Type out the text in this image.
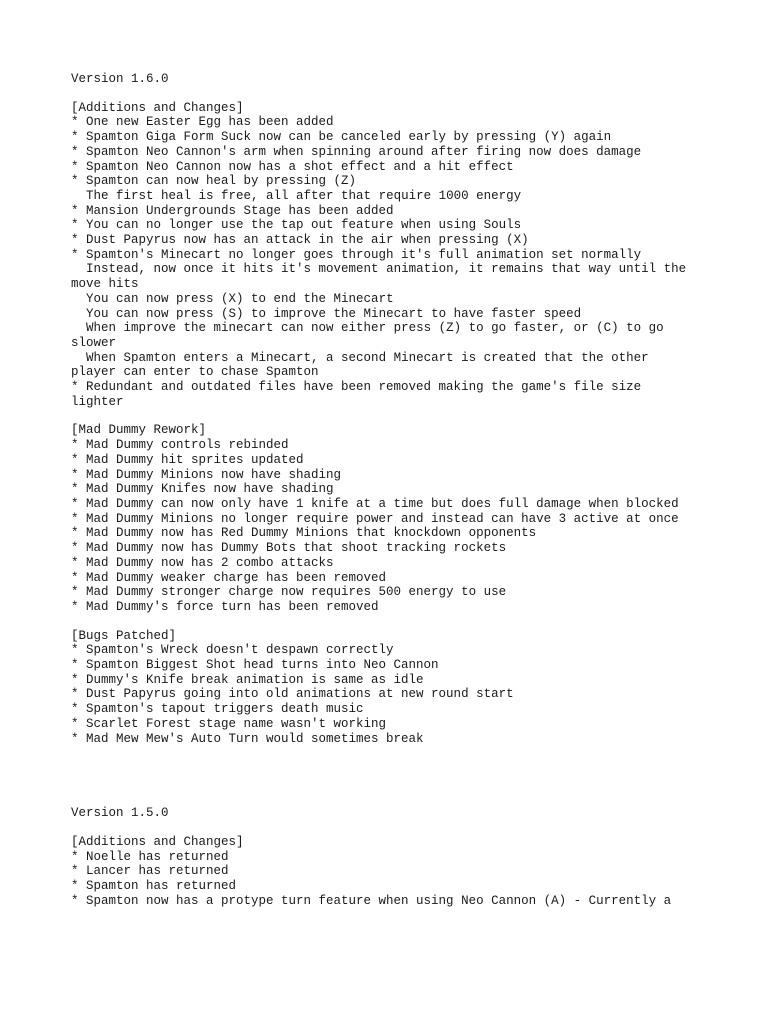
Version 1.6.0
[Additions and Changes]
* One new Easter Egg has been added
* Spamton Giga Form Suck now can be canceled early by pressing (Y) again
* Spamton Neo Cannon's arm when spinning around after firing now does damage
* Spamton Neo Cannon now has a shot effect and a hit effect
* Spamton can now heal by pressing (Z)
The first heal is free, all after that require 1000 energy
* Mansion Undergrounds Stage has been added
* You can no longer use the tap out feature when using Souls
* Dust Papyrus now has an attack in the air when pressing (X)
* Spamton's Minecart no longer goes through it's full animation set normally
Instead, now once it hits it's movement animation, it remains that way until the move hits
You can now press (X) to end the Minecart
You can now press (S) to improve the Minecart to have faster speed
When improve the minecart can now either press (Z) to go faster, or (C) to go slower
When Spamton enters a Minecart, a second Minecart is created that the other player can enter to chase Spamton
* Redundant and outdated files have been removed making the game's file size lighter
[Mad Dummy Rework]
* Mad Dummy controls rebinded
* Mad Dummy hit sprites updated
* Mad Dummy Minions now have shading
* Mad Dummy Knifes now have shading
* Mad Dummy can now only have 1 knife at a time but does full damage when blocked
* Mad Dummy Minions no longer require power and instead can have 3 active at once
* Mad Dummy now has Red Dummy Minions that knockdown opponents
* Mad Dummy now has Dummy Bots that shoot tracking rockets
* Mad Dummy now has 2 combo attacks
* Mad Dummy weaker charge has been removed
* Mad Dummy stronger charge now requires 500 energy to use
* Mad Dummy's force turn has been removed
[Bugs Patched]
* Spamton's Wreck doesn't despawn correctly
* Spamton Biggest Shot head turns into Neo Cannon
* Dummy's Knife break animation is same as idle
* Dust Papyrus going into old animations at new round start
* Spamton's tapout triggers death music
* Scarlet Forest stage name wasn't working
* Mad Mew Mew's Auto Turn would sometimes break
Version 1.5.0
[Additions and Changes]
* Noelle has returned
* Lancer has returned
* Spamton has returned
* Spamton now has a protype turn feature when using Neo Cannon (A) - Currently a
